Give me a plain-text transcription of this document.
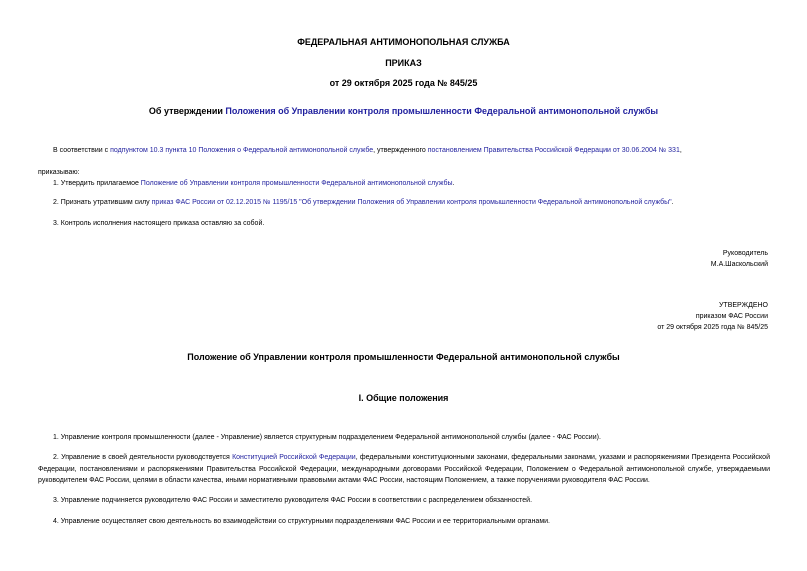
ФЕДЕРАЛЬНАЯ АНТИМОНОПОЛЬНАЯ СЛУЖБА
ПРИКАЗ
от 29 октября 2025 года № 845/25
Об утверждении Положения об Управлении контроля промышленности Федеральной антимонопольной службы
В соответствии с подпунктом 10.3 пункта 10 Положения о Федеральной антимонопольной службе, утвержденного постановлением Правительства Российской Федерации от 30.06.2004 № 331,
приказываю:
1. Утвердить прилагаемое Положение об Управлении контроля промышленности Федеральной антимонопольной службы.
2. Признать утратившим силу приказ ФАС России от 02.12.2015 № 1195/15 "Об утверждении Положения об Управлении контроля промышленности Федеральной антимонопольной службы".
3. Контроль исполнения настоящего приказа оставляю за собой.
Руководитель
М.А.Шаскольский
УТВЕРЖДЕНО
приказом ФАС России
от 29 октября 2025 года № 845/25
Положение об Управлении контроля промышленности Федеральной антимонопольной службы
I. Общие положения
1. Управление контроля промышленности (далее - Управление) является структурным подразделением Федеральной антимонопольной службы (далее - ФАС России).
2. Управление в своей деятельности руководствуется Конституцией Российской Федерации, федеральными конституционными законами, федеральными законами, указами и распоряжениями Президента Российской Федерации, постановлениями и распоряжениями Правительства Российской Федерации, международными договорами Российской Федерации, Положением о Федеральной антимонопольной службе, утверждаемыми руководителем ФАС России, целями в области качества, иными нормативными правовыми актами ФАС России, настоящим Положением, а также поручениями руководителя ФАС России.
3. Управление подчиняется руководителю ФАС России и заместителю руководителя ФАС России в соответствии с распределением обязанностей.
4. Управление осуществляет свою деятельность во взаимодействии со структурными подразделениями ФАС России и ее территориальными органами.
